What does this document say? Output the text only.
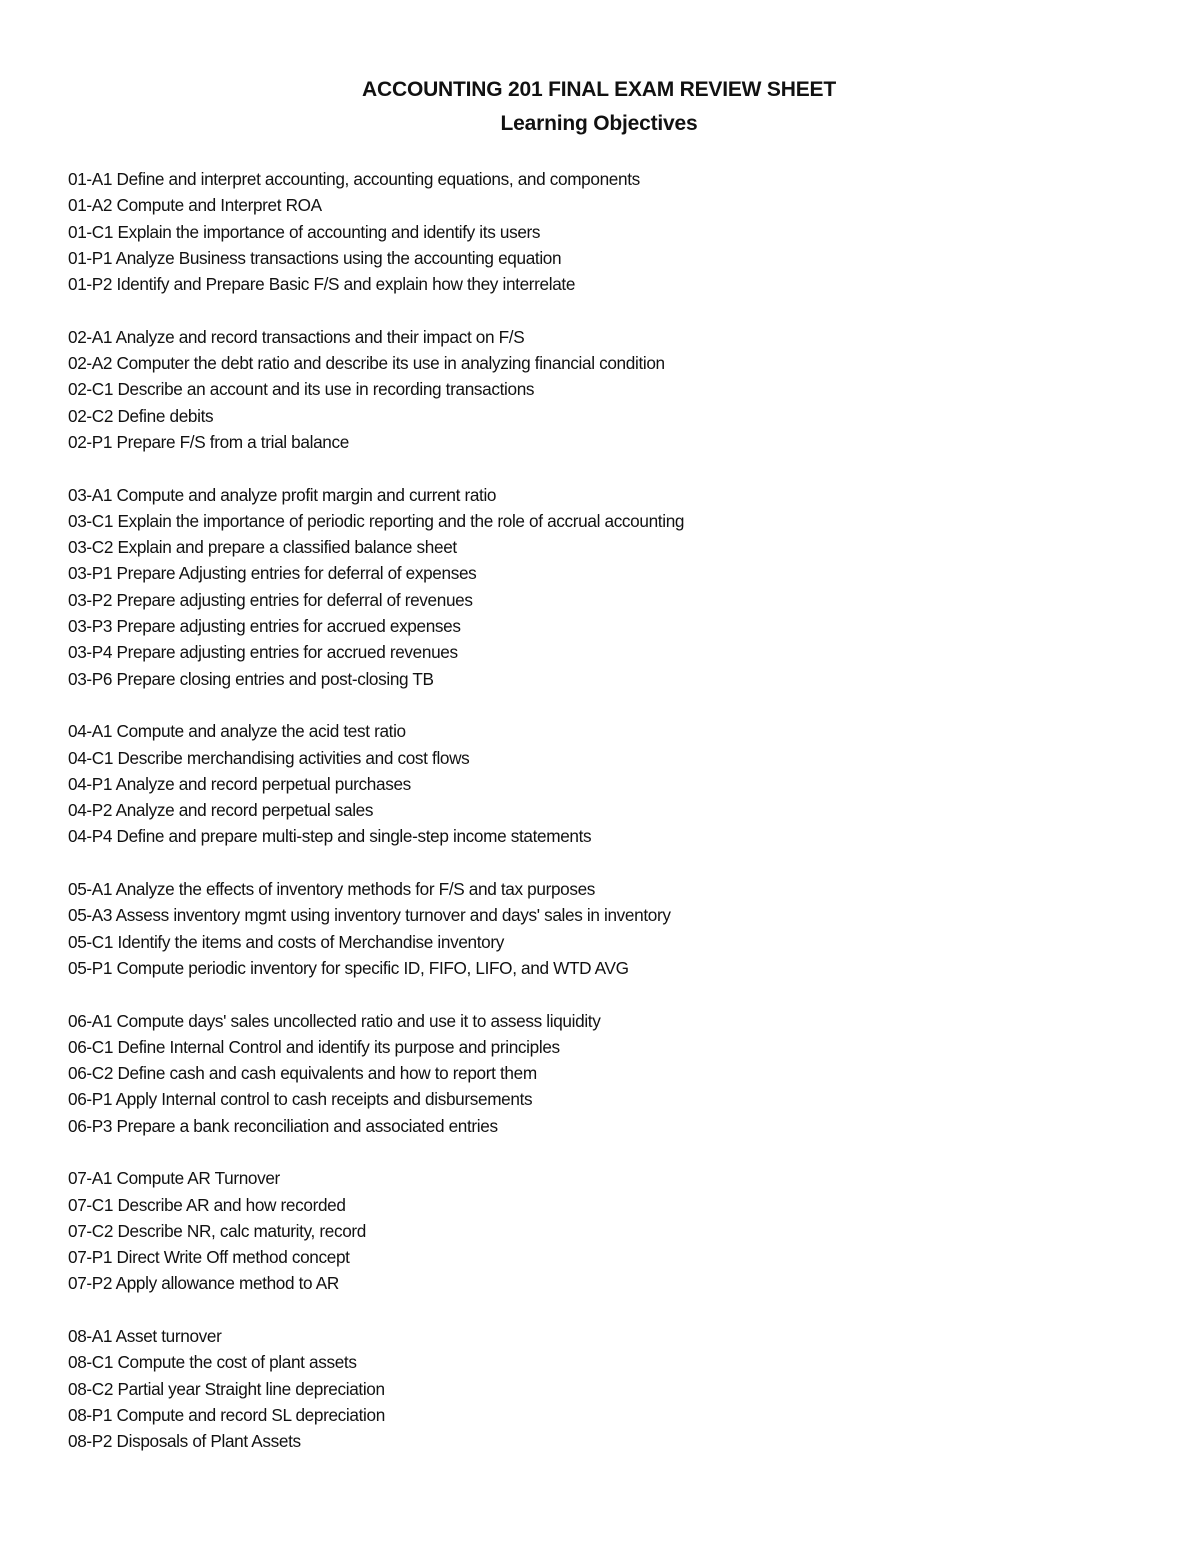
ACCOUNTING 201 FINAL EXAM REVIEW SHEET
Learning Objectives
01-A1 Define and interpret accounting, accounting equations, and components
01-A2 Compute and Interpret ROA
01-C1 Explain the importance of accounting and identify its users
01-P1 Analyze Business transactions using the accounting equation
01-P2 Identify and Prepare Basic F/S and explain how they interrelate
02-A1 Analyze and record transactions and their impact on F/S
02-A2 Computer the debt ratio and describe its use in analyzing financial condition
02-C1 Describe an account and its use in recording transactions
02-C2 Define debits
02-P1 Prepare F/S from a trial balance
03-A1 Compute and analyze profit margin and current ratio
03-C1 Explain the importance of periodic reporting and the role of accrual accounting
03-C2 Explain and prepare a classified balance sheet
03-P1 Prepare Adjusting entries for deferral of expenses
03-P2 Prepare adjusting entries for deferral of revenues
03-P3 Prepare adjusting entries for accrued expenses
03-P4 Prepare adjusting entries for accrued revenues
03-P6 Prepare closing entries and post-closing TB
04-A1 Compute and analyze the acid test ratio
04-C1 Describe merchandising activities and cost flows
04-P1 Analyze and record perpetual purchases
04-P2 Analyze and record perpetual sales
04-P4 Define and prepare multi-step and single-step income statements
05-A1 Analyze the effects of inventory methods for F/S and tax purposes
05-A3 Assess inventory mgmt using inventory turnover and days' sales in inventory
05-C1 Identify the items and costs of Merchandise inventory
05-P1 Compute periodic inventory for specific ID, FIFO, LIFO, and WTD AVG
06-A1 Compute days' sales uncollected ratio and use it to assess liquidity
06-C1 Define Internal Control and identify its purpose and principles
06-C2 Define cash and cash equivalents and how to report them
06-P1 Apply Internal control to cash receipts and disbursements
06-P3 Prepare a bank reconciliation and associated entries
07-A1 Compute AR Turnover
07-C1 Describe AR and how recorded
07-C2 Describe NR, calc maturity, record
07-P1 Direct Write Off method concept
07-P2 Apply allowance method to AR
08-A1 Asset turnover
08-C1 Compute the cost of plant assets
08-C2 Partial year Straight line depreciation
08-P1 Compute and record SL depreciation
08-P2 Disposals of Plant Assets
